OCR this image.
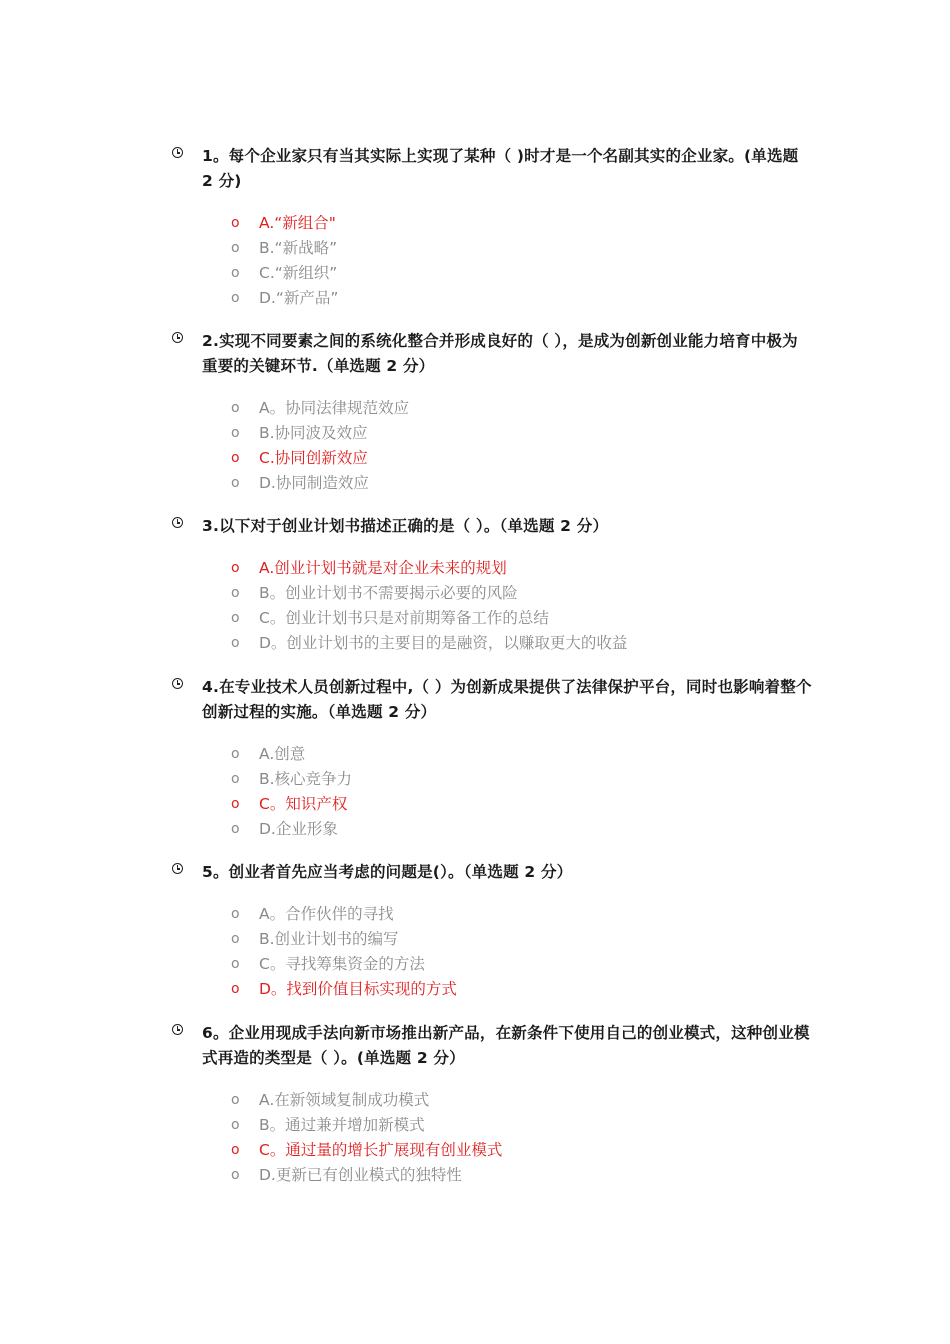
1。每个企业家只有当其实际上实现了某种（ )时才是一个名副其实的企业家。(单选题 2 分)

o A.“新组合"
o B.“新战略”
o C.“新组织”
o D.“新产品”

2.实现不同要素之间的系统化整合并形成良好的（ ），是成为创新创业能力培育中极为重要的关键环节.（单选题 2 分）

o A。协同法律规范效应
o B.协同波及效应
o C.协同创新效应
o D.协同制造效应

3.以下对于创业计划书描述正确的是（ ）。（单选题 2 分）

o A.创业计划书就是对企业未来的规划
o B。创业计划书不需要揭示必要的风险
o C。创业计划书只是对前期筹备工作的总结
o D。创业计划书的主要目的是融资，以赚取更大的收益

4.在专业技术人员创新过程中,（ ）为创新成果提供了法律保护平台，同时也影响着整个创新过程的实施。（单选题 2 分）

o A.创意
o B.核心竞争力
o C。知识产权
o D.企业形象

5。创业者首先应当考虑的问题是(）。（单选题 2 分）

o A。合作伙伴的寻找
o B.创业计划书的编写
o C。寻找筹集资金的方法
o D。找到价值目标实现的方式

6。企业用现成手法向新市场推出新产品，在新条件下使用自己的创业模式，这种创业模式再造的类型是（ ）。(单选题 2 分）

o A.在新领域复制成功模式
o B。通过兼并增加新模式
o C。通过量的增长扩展现有创业模式
o D.更新已有创业模式的独特性
